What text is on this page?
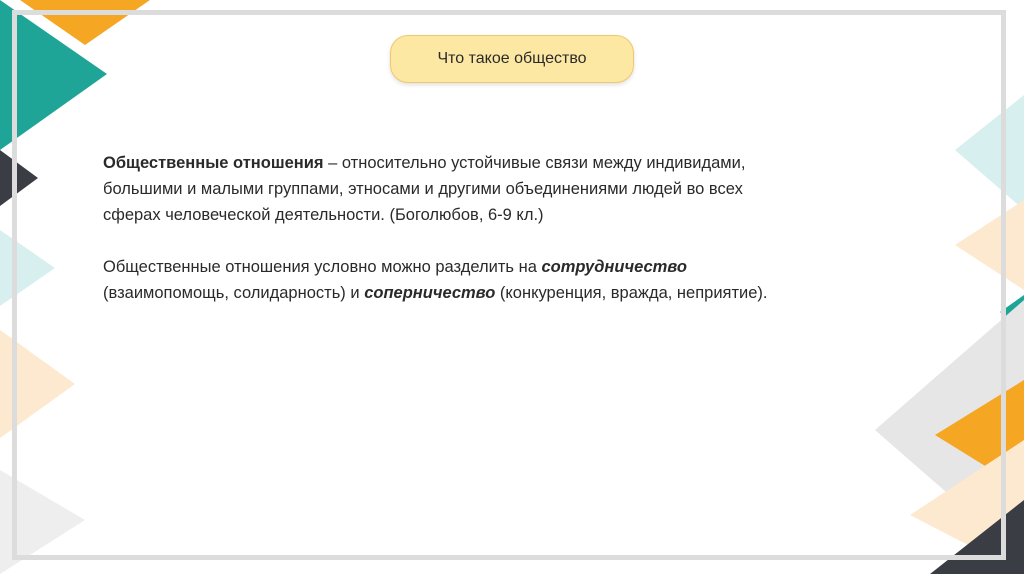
Что такое общество

Общественные отношения – относительно устойчивые связи между индивидами,
большими и малыми группами, этносами и другими объединениями людей во всех
сферах человеческой деятельности. (Боголюбов, 6-9 кл.)

Общественные отношения условно можно разделить на сотрудничество
(взаимопомощь, солидарность) и соперничество (конкуренция, вражда, неприятие).
